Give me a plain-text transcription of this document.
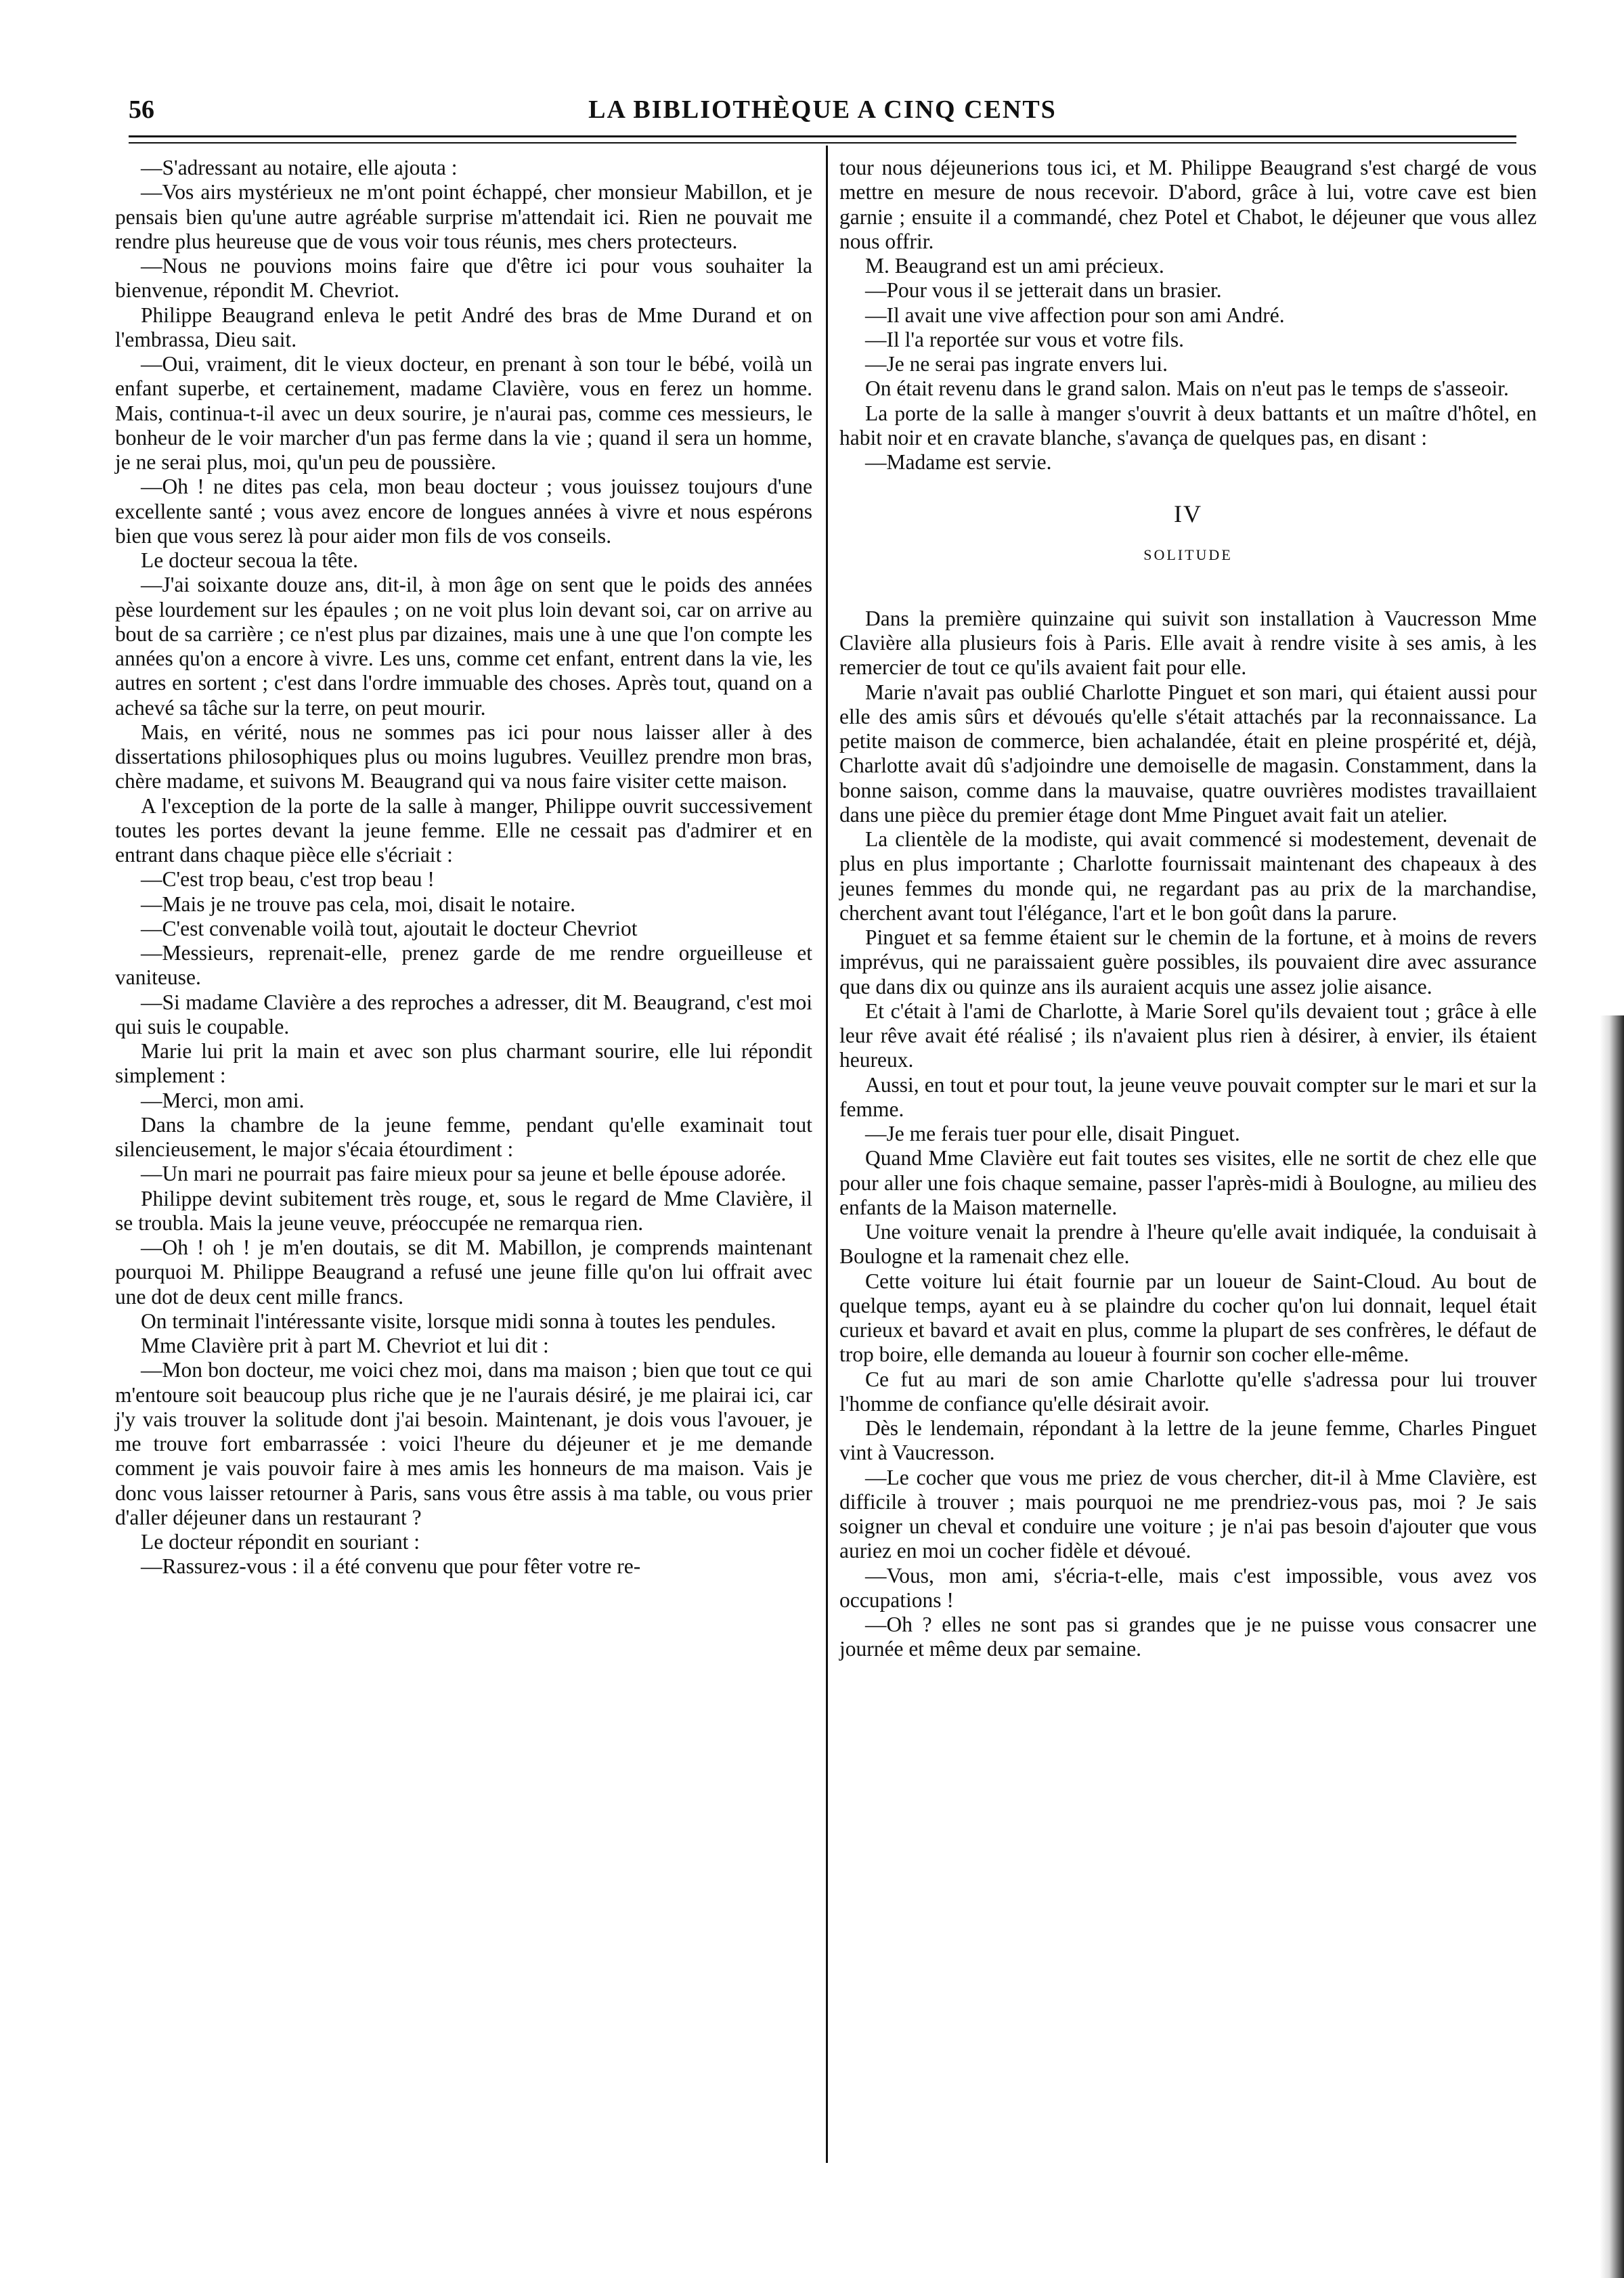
56	LA BIBLIOTHÈQUE A CINQ CENTS

—S'adressant au notaire, elle ajouta :

—Vos airs mystérieux ne m'ont point échappé, cher monsieur Mabillon, et je pensais bien qu'une autre agréable surprise m'attendait ici. Rien ne pouvait me rendre plus heureuse que de vous voir tous réunis, mes chers protecteurs.

—Nous ne pouvions moins faire que d'être ici pour vous souhaiter la bienvenue, répondit M. Chevriot.

Philippe Beaugrand enleva le petit André des bras de Mme Durand et on l'embrassa, Dieu sait.

—Oui, vraiment, dit le vieux docteur, en prenant à son tour le bébé, voilà un enfant superbe, et certainement, madame Clavière, vous en ferez un homme. Mais, continua-t-il avec un deux sourire, je n'aurai pas, comme ces messieurs, le bonheur de le voir marcher d'un pas ferme dans la vie ; quand il sera un homme, je ne serai plus, moi, qu'un peu de poussière.

—Oh ! ne dites pas cela, mon beau docteur ; vous jouissez toujours d'une excellente santé ; vous avez encore de longues années à vivre et nous espérons bien que vous serez là pour aider mon fils de vos conseils.

Le docteur secoua la tête.

—J'ai soixante douze ans, dit-il, à mon âge on sent que le poids des années pèse lourdement sur les épaules ; on ne voit plus loin devant soi, car on arrive au bout de sa carrière ; ce n'est plus par dizaines, mais une à une que l'on compte les années qu'on a encore à vivre. Les uns, comme cet enfant, entrent dans la vie, les autres en sortent ; c'est dans l'ordre immuable des choses. Après tout, quand on a achevé sa tâche sur la terre, on peut mourir.

Mais, en vérité, nous ne sommes pas ici pour nous laisser aller à des dissertations philosophiques plus ou moins lugubres. Veuillez prendre mon bras, chère madame, et suivons M. Beaugrand qui va nous faire visiter cette maison.

A l'exception de la porte de la salle à manger, Philippe ouvrit successivement toutes les portes devant la jeune femme. Elle ne cessait pas d'admirer et en entrant dans chaque pièce elle s'écriait :

—C'est trop beau, c'est trop beau !

—Mais je ne trouve pas cela, moi, disait le notaire.

—C'est convenable voilà tout, ajoutait le docteur Chevriot

—Messieurs, reprenait-elle, prenez garde de me rendre orgueilleuse et vaniteuse.

—Si madame Clavière a des reproches a adresser, dit M. Beaugrand, c'est moi qui suis le coupable.

Marie lui prit la main et avec son plus charmant sourire, elle lui répondit simplement :

—Merci, mon ami.

Dans la chambre de la jeune femme, pendant qu'elle examinait tout silencieusement, le major s'écaia étourdiment :

—Un mari ne pourrait pas faire mieux pour sa jeune et belle épouse adorée.

Philippe devint subitement très rouge, et, sous le regard de Mme Clavière, il se troubla. Mais la jeune veuve, préoccupée ne remarqua rien.

—Oh ! oh ! je m'en doutais, se dit M. Mabillon, je comprends maintenant pourquoi M. Philippe Beaugrand a refusé une jeune fille qu'on lui offrait avec une dot de deux cent mille francs.

On terminait l'intéressante visite, lorsque midi sonna à toutes les pendules.

Mme Clavière prit à part M. Chevriot et lui dit :

—Mon bon docteur, me voici chez moi, dans ma maison ; bien que tout ce qui m'entoure soit beaucoup plus riche que je ne l'aurais désiré, je me plairai ici, car j'y vais trouver la solitude dont j'ai besoin. Maintenant, je dois vous l'avouer, je me trouve fort embarrassée : voici l'heure du déjeuner et je me demande comment je vais pouvoir faire à mes amis les honneurs de ma maison. Vais je donc vous laisser retourner à Paris, sans vous être assis à ma table, ou vous prier d'aller déjeuner dans un restaurant ?

Le docteur répondit en souriant :

—Rassurez-vous : il a été convenu que pour fêter votre re-

tour nous déjeunerions tous ici, et M. Philippe Beaugrand s'est chargé de vous mettre en mesure de nous recevoir. D'abord, grâce à lui, votre cave est bien garnie ; ensuite il a commandé, chez Potel et Chabot, le déjeuner que vous allez nous offrir.

M. Beaugrand est un ami précieux.

—Pour vous il se jetterait dans un brasier.

—Il avait une vive affection pour son ami André.

—Il l'a reportée sur vous et votre fils.

—Je ne serai pas ingrate envers lui.

On était revenu dans le grand salon. Mais on n'eut pas le temps de s'asseoir.

La porte de la salle à manger s'ouvrit à deux battants et un maître d'hôtel, en habit noir et en cravate blanche, s'avança de quelques pas, en disant :

—Madame est servie.

IV
SOLITUDE

Dans la première quinzaine qui suivit son installation à Vaucresson Mme Clavière alla plusieurs fois à Paris. Elle avait à rendre visite à ses amis, à les remercier de tout ce qu'ils avaient fait pour elle.

Marie n'avait pas oublié Charlotte Pinguet et son mari, qui étaient aussi pour elle des amis sûrs et dévoués qu'elle s'était attachés par la reconnaissance. La petite maison de commerce, bien achalandée, était en pleine prospérité et, déjà, Charlotte avait dû s'adjoindre une demoiselle de magasin. Constamment, dans la bonne saison, comme dans la mauvaise, quatre ouvrières modistes travaillaient dans une pièce du premier étage dont Mme Pinguet avait fait un atelier.

La clientèle de la modiste, qui avait commencé si modestement, devenait de plus en plus importante ; Charlotte fournissait maintenant des chapeaux à des jeunes femmes du monde qui, ne regardant pas au prix de la marchandise, cherchent avant tout l'élégance, l'art et le bon goût dans la parure.

Pinguet et sa femme étaient sur le chemin de la fortune, et à moins de revers imprévus, qui ne paraissaient guère possibles, ils pouvaient dire avec assurance que dans dix ou quinze ans ils auraient acquis une assez jolie aisance.

Et c'était à l'ami de Charlotte, à Marie Sorel qu'ils devaient tout ; grâce à elle leur rêve avait été réalisé ; ils n'avaient plus rien à désirer, à envier, ils étaient heureux.

Aussi, en tout et pour tout, la jeune veuve pouvait compter sur le mari et sur la femme.

—Je me ferais tuer pour elle, disait Pinguet.

Quand Mme Clavière eut fait toutes ses visites, elle ne sortit de chez elle que pour aller une fois chaque semaine, passer l'après-midi à Boulogne, au milieu des enfants de la Maison maternelle.

Une voiture venait la prendre à l'heure qu'elle avait indiquée, la conduisait à Boulogne et la ramenait chez elle.

Cette voiture lui était fournie par un loueur de Saint-Cloud. Au bout de quelque temps, ayant eu à se plaindre du cocher qu'on lui donnait, lequel était curieux et bavard et avait en plus, comme la plupart de ses confrères, le défaut de trop boire, elle demanda au loueur à fournir son cocher elle-même.

Ce fut au mari de son amie Charlotte qu'elle s'adressa pour lui trouver l'homme de confiance qu'elle désirait avoir.

Dès le lendemain, répondant à la lettre de la jeune femme, Charles Pinguet vint à Vaucresson.

—Le cocher que vous me priez de vous chercher, dit-il à Mme Clavière, est difficile à trouver ; mais pourquoi ne me prendriez-vous pas, moi ? Je sais soigner un cheval et conduire une voiture ; je n'ai pas besoin d'ajouter que vous auriez en moi un cocher fidèle et dévoué.

—Vous, mon ami, s'écria-t-elle, mais c'est impossible, vous avez vos occupations !

—Oh ? elles ne sont pas si grandes que je ne puisse vous consacrer une journée et même deux par semaine.
